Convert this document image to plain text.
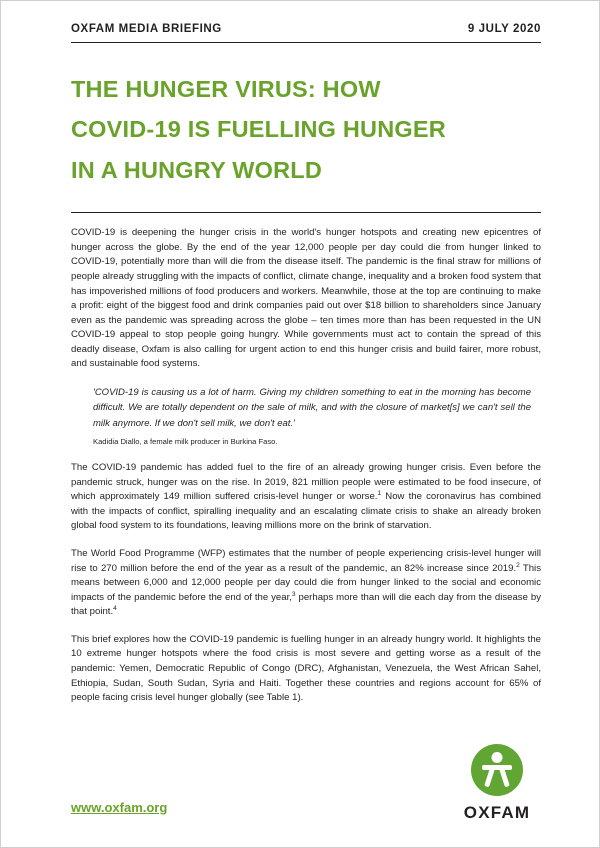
OXFAM MEDIA BRIEFING	9 JULY 2020
THE HUNGER VIRUS: HOW
COVID-19 IS FUELLING HUNGER
IN A HUNGRY WORLD

COVID-19 is deepening the hunger crisis in the world's hunger hotspots and creating new epicentres of hunger across the globe. By the end of the year 12,000 people per day could die from hunger linked to COVID-19, potentially more than will die from the disease itself. The pandemic is the final straw for millions of people already struggling with the impacts of conflict, climate change, inequality and a broken food system that has impoverished millions of food producers and workers. Meanwhile, those at the top are continuing to make a profit: eight of the biggest food and drink companies paid out over $18 billion to shareholders since January even as the pandemic was spreading across the globe – ten times more than has been requested in the UN COVID-19 appeal to stop people going hungry. While governments must act to contain the spread of this deadly disease, Oxfam is also calling for urgent action to end this hunger crisis and build fairer, more robust, and sustainable food systems.

'COVID-19 is causing us a lot of harm. Giving my children something to eat in the morning has become difficult. We are totally dependent on the sale of milk, and with the closure of market[s] we can't sell the milk anymore. If we don't sell milk, we don't eat.'
Kadidia Diallo, a female milk producer in Burkina Faso.

The COVID-19 pandemic has added fuel to the fire of an already growing hunger crisis. Even before the pandemic struck, hunger was on the rise. In 2019, 821 million people were estimated to be food insecure, of which approximately 149 million suffered crisis-level hunger or worse.$^1$ Now the coronavirus has combined with the impacts of conflict, spiralling inequality and an escalating climate crisis to shake an already broken global food system to its foundations, leaving millions more on the brink of starvation.

The World Food Programme (WFP) estimates that the number of people experiencing crisis-level hunger will rise to 270 million before the end of the year as a result of the pandemic, an 82% increase since 2019.$^2$ This means between 6,000 and 12,000 people per day could die from hunger linked to the social and economic impacts of the pandemic before the end of the year,$^3$ perhaps more than will die each day from the disease by that point.$^4$

This brief explores how the COVID-19 pandemic is fuelling hunger in an already hungry world. It highlights the 10 extreme hunger hotspots where the food crisis is most severe and getting worse as a result of the pandemic: Yemen, Democratic Republic of Congo (DRC), Afghanistan, Venezuela, the West African Sahel, Ethiopia, Sudan, South Sudan, Syria and Haiti. Together these countries and regions account for 65% of people facing crisis level hunger globally (see Table 1).

www.oxfam.org	OXFAM
